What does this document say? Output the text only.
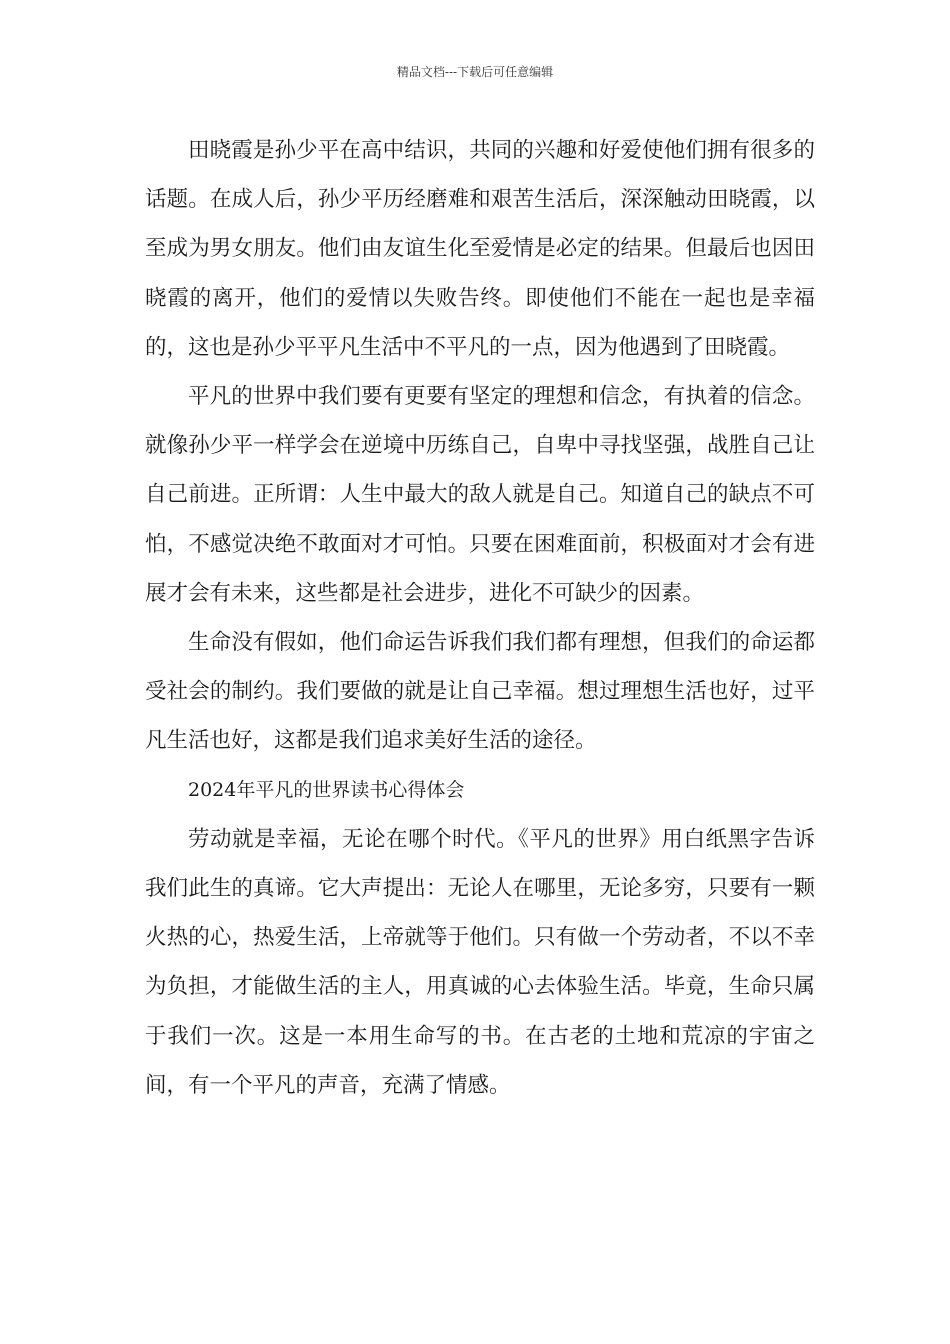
精品文档---下载后可任意编辑

田晓霞是孙少平在高中结识，共同的兴趣和好爱使他们拥有很多的话题。在成人后，孙少平历经磨难和艰苦生活后，深深触动田晓霞，以至成为男女朋友。他们由友谊生化至爱情是必定的结果。但最后也因田晓霞的离开，他们的爱情以失败告终。即使他们不能在一起也是幸福的，这也是孙少平平凡生活中不平凡的一点，因为他遇到了田晓霞。

平凡的世界中我们要有更要有坚定的理想和信念，有执着的信念。就像孙少平一样学会在逆境中历练自己，自卑中寻找坚强，战胜自己让自己前进。正所谓：人生中最大的敌人就是自己。知道自己的缺点不可怕，不感觉决绝不敢面对才可怕。只要在困难面前，积极面对才会有进展才会有未来，这些都是社会进步，进化不可缺少的因素。

生命没有假如，他们命运告诉我们我们都有理想，但我们的命运都受社会的制约。我们要做的就是让自己幸福。想过理想生活也好，过平凡生活也好，这都是我们追求美好生活的途径。

2024年平凡的世界读书心得体会

劳动就是幸福，无论在哪个时代。《平凡的世界》用白纸黑字告诉我们此生的真谛。它大声提出：无论人在哪里，无论多穷，只要有一颗火热的心，热爱生活，上帝就等于他们。只有做一个劳动者，不以不幸为负担，才能做生活的主人，用真诚的心去体验生活。毕竟，生命只属于我们一次。这是一本用生命写的书。在古老的土地和荒凉的宇宙之间，有一个平凡的声音，充满了情感。
